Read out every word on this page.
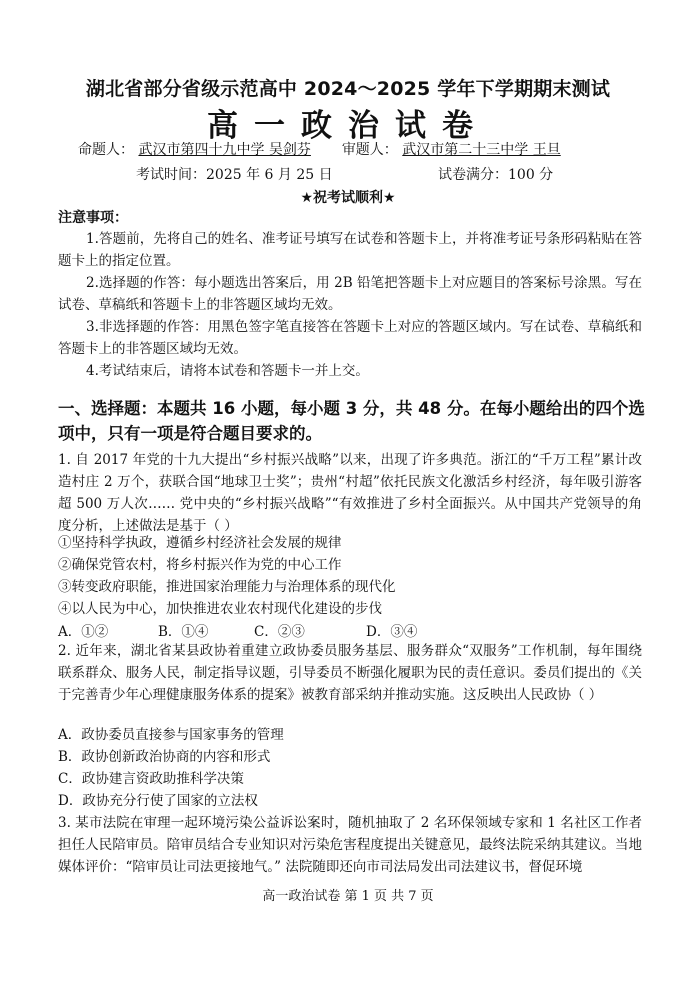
湖北省部分省级示范高中 2024～2025 学年下学期期末测试
高一政治试卷
命题人： 武汉市第四十九中学 吴剑芬 审题人： 武汉市第二十三中学 王旦
考试时间：2025 年 6 月 25 日	试卷满分：100 分
★祝考试顺利★
注意事项：
1.答题前，先将自己的姓名、准考证号填写在试卷和答题卡上，并将准考证号条形码粘贴在答题卡上的指定位置。
2.选择题的作答：每小题选出答案后，用 2B 铅笔把答题卡上对应题目的答案标号涂黑。写在试卷、草稿纸和答题卡上的非答题区域均无效。
3.非选择题的作答：用黑色签字笔直接答在答题卡上对应的答题区域内。写在试卷、草稿纸和答题卡上的非答题区域均无效。
4.考试结束后，请将本试卷和答题卡一并上交。
一、选择题：本题共 16 小题，每小题 3 分，共 48 分。在每小题给出的四个选项中，只有一项是符合题目要求的。
1. 自 2017 年党的十九大提出“乡村振兴战略”以来，出现了许多典范。浙江的“千万工程”累计改造村庄 2 万个，获联合国“地球卫士奖”；贵州“村超”依托民族文化激活乡村经济，每年吸引游客超 500 万人次…… 党中央的“乡村振兴战略”“有效推进了乡村全面振兴。从中国共产党领导的角度分析，上述做法是基于（ ）
①坚持科学执政，遵循乡村经济社会发展的规律
②确保党管农村，将乡村振兴作为党的中心工作
③转变政府职能，推进国家治理能力与治理体系的现代化
④以人民为中心，加快推进农业农村现代化建设的步伐
A．①②	B．①④	C．②③	D．③④
2. 近年来，湖北省某县政协着重建立政协委员服务基层、服务群众“双服务”工作机制，每年围绕联系群众、服务人民，制定指导议题，引导委员不断强化履职为民的责任意识。委员们提出的《关于完善青少年心理健康服务体系的提案》被教育部采纳并推动实施。这反映出人民政协（ ）
A．政协委员直接参与国家事务的管理
B．政协创新政治协商的内容和形式
C．政协建言资政助推科学决策
D．政协充分行使了国家的立法权
3. 某市法院在审理一起环境污染公益诉讼案时，随机抽取了 2 名环保领域专家和 1 名社区工作者担任人民陪审员。陪审员结合专业知识对污染危害程度提出关键意见，最终法院采纳其建议。当地媒体评价：“陪审员让司法更接地气。” 法院随即还向市司法局发出司法建议书，督促环境
高一政治试卷 第 1 页 共 7 页
